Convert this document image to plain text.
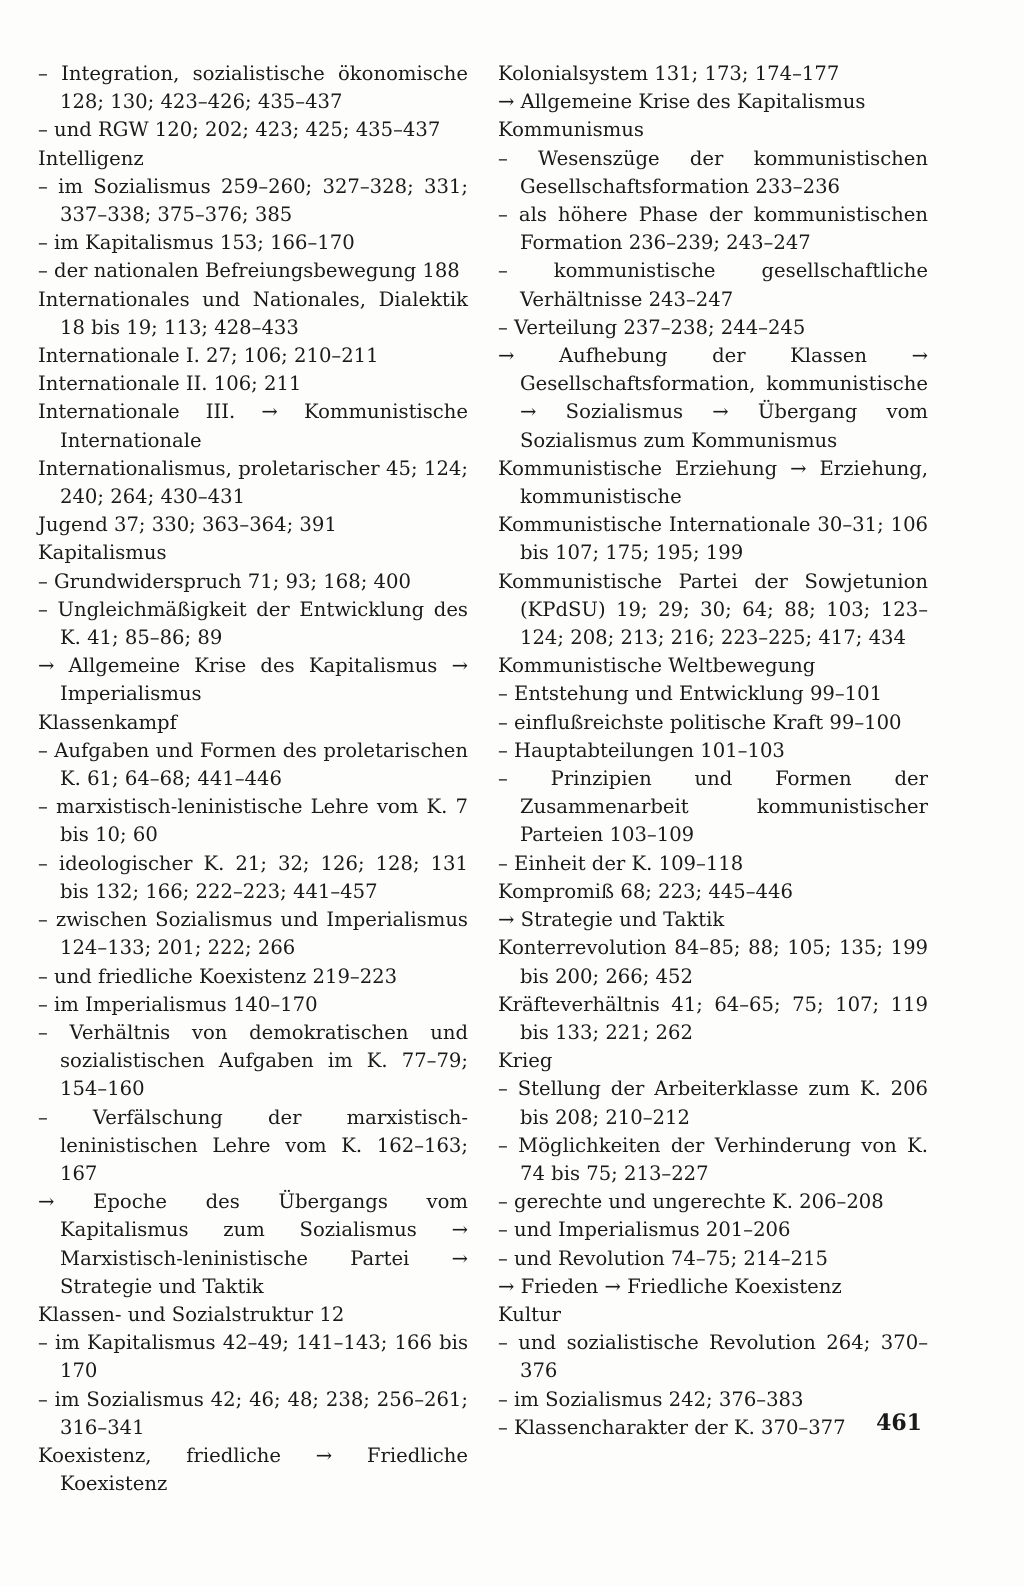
– Integration, sozialistische ökonomische 128; 130; 423–426; 435–437
– und RGW 120; 202; 423; 425; 435–437
Intelligenz
– im Sozialismus 259–260; 327–328; 331; 337–338; 375–376; 385
– im Kapitalismus 153; 166–170
– der nationalen Befreiungsbewegung 188
Internationales und Nationales, Dialektik 18 bis 19; 113; 428–433
Internationale I. 27; 106; 210–211
Internationale II. 106; 211
Internationale III. → Kommunistische Internationale
Internationalismus, proletarischer 45; 124; 240; 264; 430–431
Jugend 37; 330; 363–364; 391
Kapitalismus
– Grundwiderspruch 71; 93; 168; 400
– Ungleichmäßigkeit der Entwicklung des K. 41; 85–86; 89
→ Allgemeine Krise des Kapitalismus → Imperialismus
Klassenkampf
– Aufgaben und Formen des proletarischen K. 61; 64–68; 441–446
– marxistisch-leninistische Lehre vom K. 7 bis 10; 60
– ideologischer K. 21; 32; 126; 128; 131 bis 132; 166; 222–223; 441–457
– zwischen Sozialismus und Imperialismus 124–133; 201; 222; 266
– und friedliche Koexistenz 219–223
– im Imperialismus 140–170
– Verhältnis von demokratischen und sozialistischen Aufgaben im K. 77–79; 154–160
– Verfälschung der marxistisch-leninistischen Lehre vom K. 162–163; 167
→ Epoche des Übergangs vom Kapitalismus zum Sozialismus → Marxistisch-leninistische Partei → Strategie und Taktik
Klassen- und Sozialstruktur 12
– im Kapitalismus 42–49; 141–143; 166 bis 170
– im Sozialismus 42; 46; 48; 238; 256–261; 316–341
Koexistenz, friedliche → Friedliche Koexistenz
Kolonialsystem 131; 173; 174–177
→ Allgemeine Krise des Kapitalismus
Kommunismus
– Wesenszüge der kommunistischen Gesellschaftsformation 233–236
– als höhere Phase der kommunistischen Formation 236–239; 243–247
– kommunistische gesellschaftliche Verhältnisse 243–247
– Verteilung 237–238; 244–245
→ Aufhebung der Klassen → Gesellschaftsformation, kommunistische → Sozialismus → Übergang vom Sozialismus zum Kommunismus
Kommunistische Erziehung → Erziehung, kommunistische
Kommunistische Internationale 30–31; 106 bis 107; 175; 195; 199
Kommunistische Partei der Sowjetunion (KPdSU) 19; 29; 30; 64; 88; 103; 123–124; 208; 213; 216; 223–225; 417; 434
Kommunistische Weltbewegung
– Entstehung und Entwicklung 99–101
– einflußreichste politische Kraft 99–100
– Hauptabteilungen 101–103
– Prinzipien und Formen der Zusammenarbeit kommunistischer Parteien 103–109
– Einheit der K. 109–118
Kompromiß 68; 223; 445–446
→ Strategie und Taktik
Konterrevolution 84–85; 88; 105; 135; 199 bis 200; 266; 452
Kräfteverhältnis 41; 64–65; 75; 107; 119 bis 133; 221; 262
Krieg
– Stellung der Arbeiterklasse zum K. 206 bis 208; 210–212
– Möglichkeiten der Verhinderung von K. 74 bis 75; 213–227
– gerechte und ungerechte K. 206–208
– und Imperialismus 201–206
– und Revolution 74–75; 214–215
→ Frieden → Friedliche Koexistenz
Kultur
– und sozialistische Revolution 264; 370–376
– im Sozialismus 242; 376–383
– Klassencharakter der K. 370–377	461
